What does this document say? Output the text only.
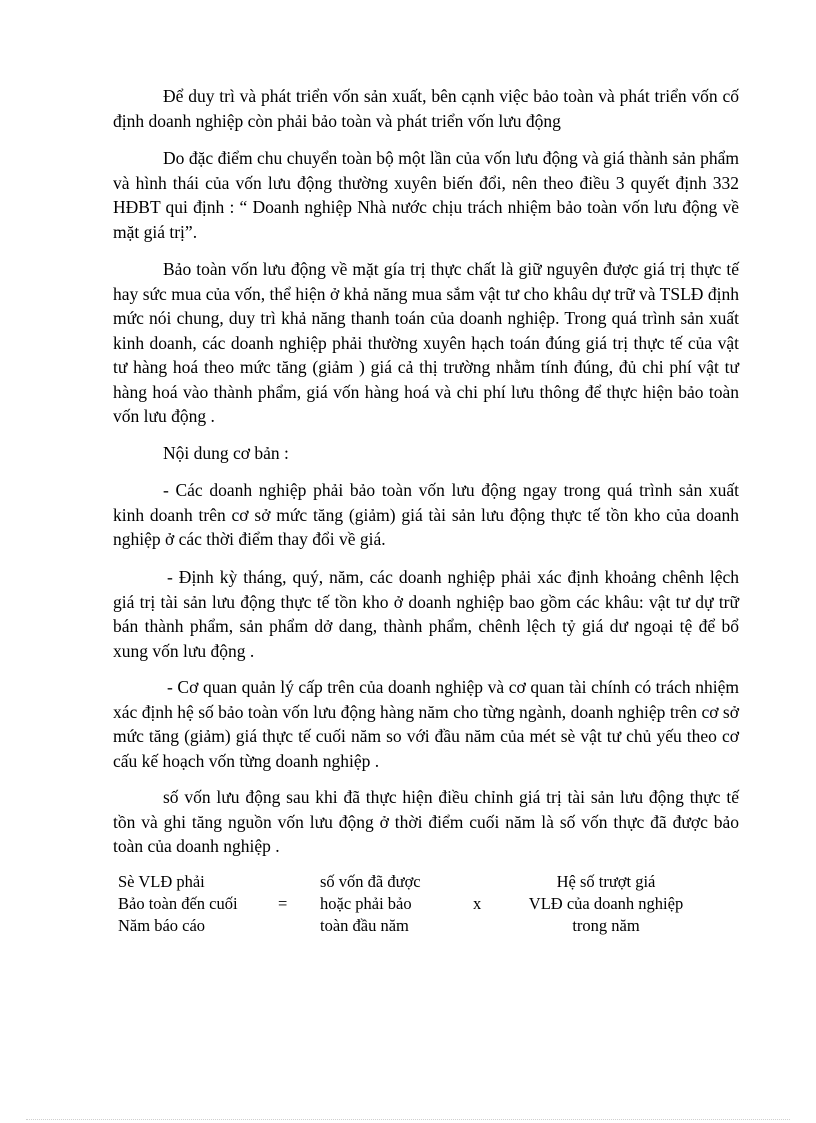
Để duy trì và phát triển vốn sản xuất, bên cạnh việc bảo toàn và phát triển vốn cố định doanh nghiệp còn phải bảo toàn và phát triển vốn lưu động

Do đặc điểm chu chuyển toàn bộ một lần của vốn lưu động và giá thành sản phẩm và hình thái của vốn lưu động thường xuyên biến đổi, nên theo điều 3 quyết định 332 HĐBT qui định : “ Doanh nghiệp Nhà nước chịu trách nhiệm bảo toàn vốn lưu động về mặt giá trị”.

Bảo toàn vốn lưu động về mặt gía trị thực chất là giữ nguyên được giá trị thực tế hay sức mua của vốn, thể hiện ở khả năng mua sắm vật tư cho khâu dự trữ và TSLĐ định mức nói chung, duy trì khả năng thanh toán của doanh nghiệp. Trong quá trình sản xuất kinh doanh, các doanh nghiệp phải thường xuyên hạch toán đúng giá trị thực tế của vật tư hàng hoá theo mức tăng (giảm ) giá cả thị trường nhằm tính đúng, đủ chi phí vật tư hàng hoá vào thành phẩm, giá vốn hàng hoá và chi phí lưu thông để thực hiện bảo toàn vốn lưu động .

Nội dung cơ bản :

- Các doanh nghiệp phải bảo toàn vốn lưu động ngay trong quá trình sản xuất kinh doanh trên cơ sở mức tăng (giảm) giá tài sản lưu động thực tế tồn kho của doanh nghiệp ở các thời điểm thay đổi về giá.

- Định kỳ tháng, quý, năm, các doanh nghiệp phải xác định khoảng chênh lệch giá trị tài sản lưu động thực tế tồn kho ở doanh nghiệp bao gồm các khâu: vật tư dự trữ bán thành phẩm, sản phẩm dở dang, thành phẩm, chênh lệch tỷ giá dư ngoại tệ để bổ xung vốn lưu động .

- Cơ quan quản lý cấp trên của doanh nghiệp và cơ quan tài chính có trách nhiệm xác định hệ số bảo toàn vốn lưu động hàng năm cho từng ngành, doanh nghiệp trên cơ sở mức tăng (giảm) giá thực tế cuối năm so với đầu năm của mét sè vật tư chủ yếu theo cơ cấu kế hoạch vốn từng doanh nghiệp .

số vốn lưu động sau khi đã thực hiện điều chỉnh giá trị tài sản lưu động thực tế tồn và ghi tăng nguồn vốn lưu động ở thời điểm cuối năm là số vốn thực đã được bảo toàn của doanh nghiệp .

Sè VLĐ phải
Bảo toàn đến cuối
Năm báo cáo
=
số vốn đã được
hoặc phải bảo
toàn đầu năm
x
Hệ số trượt giá
VLĐ của doanh nghiệp
trong năm
